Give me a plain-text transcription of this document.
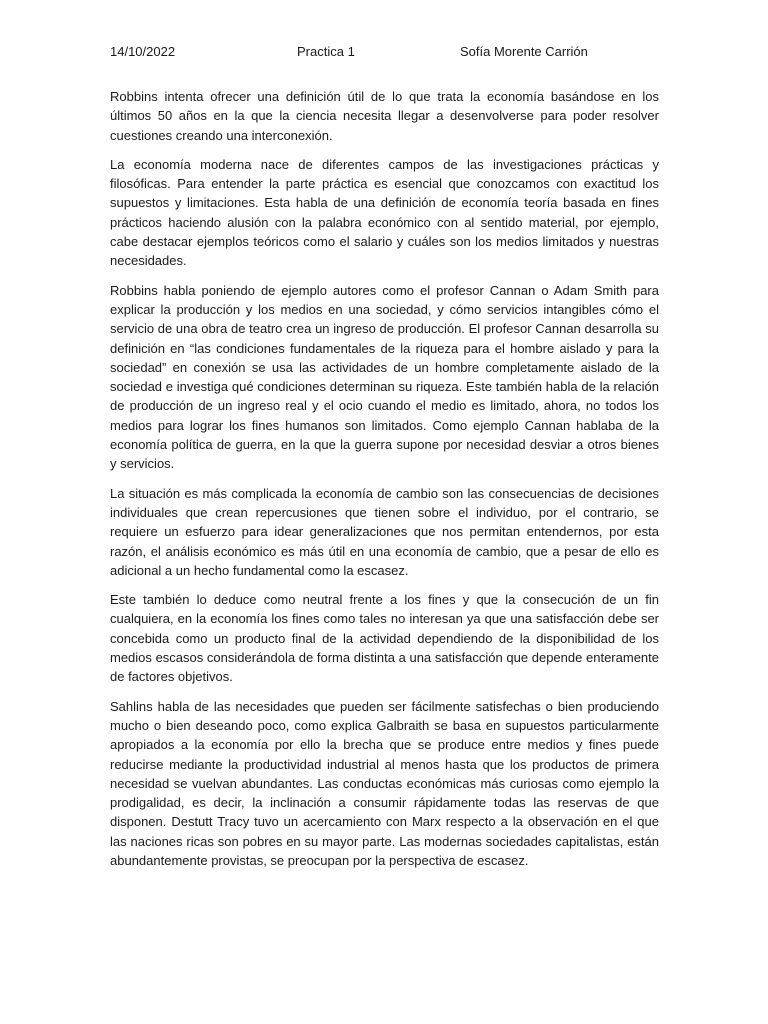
14/10/2022	Practica 1	Sofía Morente Carrión

Robbins intenta ofrecer una definición útil de lo que trata la economía basándose en los últimos 50 años en la que la ciencia necesita llegar a desenvolverse para poder resolver cuestiones creando una interconexión.

La economía moderna nace de diferentes campos de las investigaciones prácticas y filosóficas. Para entender la parte práctica es esencial que conozcamos con exactitud los supuestos y limitaciones. Esta habla de una definición de economía teoría basada en fines prácticos haciendo alusión con la palabra económico con al sentido material, por ejemplo, cabe destacar ejemplos teóricos como el salario y cuáles son los medios limitados y nuestras necesidades.

Robbins habla poniendo de ejemplo autores como el profesor Cannan o Adam Smith para explicar la producción y los medios en una sociedad, y cómo servicios intangibles cómo el servicio de una obra de teatro crea un ingreso de producción. El profesor Cannan desarrolla su definición en “las condiciones fundamentales de la riqueza para el hombre aislado y para la sociedad” en conexión se usa las actividades de un hombre completamente aislado de la sociedad e investiga qué condiciones determinan su riqueza. Este también habla de la relación de producción de un ingreso real y el ocio cuando el medio es limitado, ahora, no todos los medios para lograr los fines humanos son limitados. Como ejemplo Cannan hablaba de la economía política de guerra, en la que la guerra supone por necesidad desviar a otros bienes y servicios.

La situación es más complicada la economía de cambio son las consecuencias de decisiones individuales que crean repercusiones que tienen sobre el individuo, por el contrario, se requiere un esfuerzo para idear generalizaciones que nos permitan entendernos, por esta razón, el análisis económico es más útil en una economía de cambio, que a pesar de ello es adicional a un hecho fundamental como la escasez.

Este también lo deduce como neutral frente a los fines y que la consecución de un fin cualquiera, en la economía los fines como tales no interesan ya que una satisfacción debe ser concebida como un producto final de la actividad dependiendo de la disponibilidad de los medios escasos considerándola de forma distinta a una satisfacción que depende enteramente de factores objetivos.

Sahlins habla de las necesidades que pueden ser fácilmente satisfechas o bien produciendo mucho o bien deseando poco, como explica Galbraith se basa en supuestos particularmente apropiados a la economía por ello la brecha que se produce entre medios y fines puede reducirse mediante la productividad industrial al menos hasta que los productos de primera necesidad se vuelvan abundantes. Las conductas económicas más curiosas como ejemplo la prodigalidad, es decir, la inclinación a consumir rápidamente todas las reservas de que disponen. Destutt Tracy tuvo un acercamiento con Marx respecto a la observación en el que las naciones ricas son pobres en su mayor parte. Las modernas sociedades capitalistas, están abundantemente provistas, se preocupan por la perspectiva de escasez.
